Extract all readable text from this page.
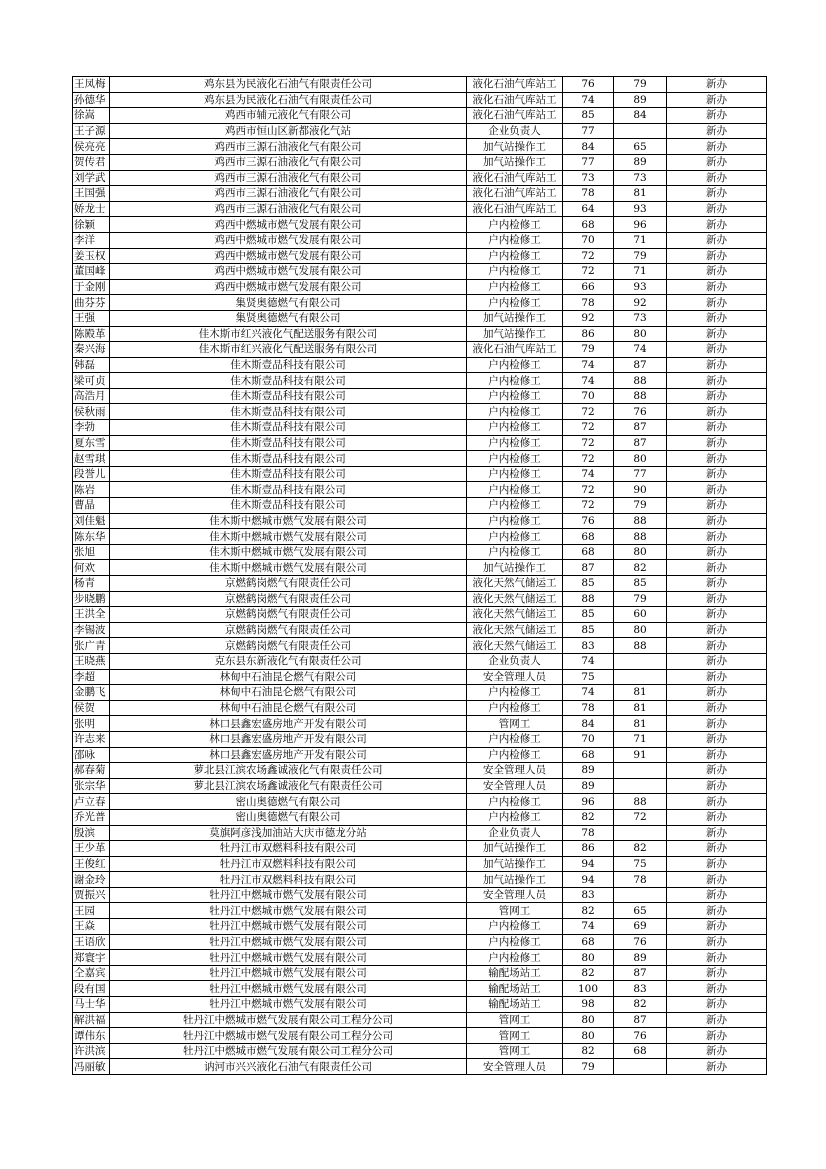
王凤梅	鸡东县为民液化石油气有限责任公司	液化石油气库站工	76	79	新办
孙德华	鸡东县为民液化石油气有限责任公司	液化石油气库站工	74	89	新办
徐嵩	鸡西市辅元液化气有限公司	液化石油气库站工	85	84	新办
王子源	鸡西市恒山区新都液化气站	企业负责人	77		新办
侯亮亮	鸡西市三源石油液化气有限公司	加气站操作工	84	65	新办
贺传君	鸡西市三源石油液化气有限公司	加气站操作工	77	89	新办
刘学武	鸡西市三源石油液化气有限公司	液化石油气库站工	73	73	新办
王国强	鸡西市三源石油液化气有限公司	液化石油气库站工	78	81	新办
娇龙士	鸡西市三源石油液化气有限公司	液化石油气库站工	64	93	新办
徐颖	鸡西中燃城市燃气发展有限公司	户内检修工	68	96	新办
李洋	鸡西中燃城市燃气发展有限公司	户内检修工	70	71	新办
姜玉权	鸡西中燃城市燃气发展有限公司	户内检修工	72	79	新办
董国峰	鸡西中燃城市燃气发展有限公司	户内检修工	72	71	新办
于金刚	鸡西中燃城市燃气发展有限公司	户内检修工	66	93	新办
曲芬芬	集贤奥德燃气有限公司	户内检修工	78	92	新办
王强	集贤奥德燃气有限公司	加气站操作工	92	73	新办
陈殿革	佳木斯市红兴液化气配送服务有限公司	加气站操作工	86	80	新办
秦兴海	佳木斯市红兴液化气配送服务有限公司	液化石油气库站工	79	74	新办
韩磊	佳木斯壹品科技有限公司	户内检修工	74	87	新办
梁可贞	佳木斯壹品科技有限公司	户内检修工	74	88	新办
高浩月	佳木斯壹品科技有限公司	户内检修工	70	88	新办
侯秋雨	佳木斯壹品科技有限公司	户内检修工	72	76	新办
李勃	佳木斯壹品科技有限公司	户内检修工	72	87	新办
夏东雪	佳木斯壹品科技有限公司	户内检修工	72	87	新办
赵雪琪	佳木斯壹品科技有限公司	户内检修工	72	80	新办
段誉儿	佳木斯壹品科技有限公司	户内检修工	74	77	新办
陈岩	佳木斯壹品科技有限公司	户内检修工	72	90	新办
曹晶	佳木斯壹品科技有限公司	户内检修工	72	79	新办
刘佳魁	佳木斯中燃城市燃气发展有限公司	户内检修工	76	88	新办
陈东华	佳木斯中燃城市燃气发展有限公司	户内检修工	68	88	新办
张旭	佳木斯中燃城市燃气发展有限公司	户内检修工	68	80	新办
何欢	佳木斯中燃城市燃气发展有限公司	加气站操作工	87	82	新办
杨青	京燃鹤岗燃气有限责任公司	液化天然气储运工	85	85	新办
步晓鹏	京燃鹤岗燃气有限责任公司	液化天然气储运工	88	79	新办
王洪全	京燃鹤岗燃气有限责任公司	液化天然气储运工	85	60	新办
李锡波	京燃鹤岗燃气有限责任公司	液化天然气储运工	85	80	新办
张广青	京燃鹤岗燃气有限责任公司	液化天然气储运工	83	88	新办
王晓燕	克东县东新液化气有限责任公司	企业负责人	74		新办
李超	林甸中石油昆仑燃气有限公司	安全管理人员	75		新办
金鹏飞	林甸中石油昆仑燃气有限公司	户内检修工	74	81	新办
侯贺	林甸中石油昆仑燃气有限公司	户内检修工	78	81	新办
张明	林口县鑫宏盛房地产开发有限公司	管网工	84	81	新办
许志来	林口县鑫宏盛房地产开发有限公司	户内检修工	70	71	新办
邵咏	林口县鑫宏盛房地产开发有限公司	户内检修工	68	91	新办
郝春菊	萝北县江滨农场鑫诚液化气有限责任公司	安全管理人员	89		新办
张宗华	萝北县江滨农场鑫诚液化气有限责任公司	安全管理人员	89		新办
卢立春	密山奥德燃气有限公司	户内检修工	96	88	新办
乔光普	密山奥德燃气有限公司	户内检修工	82	72	新办
殷滨	莫旗阿彦浅加油站大庆市德龙分站	企业负责人	78		新办
王少革	牡丹江市双燃料科技有限公司	加气站操作工	86	82	新办
王俊红	牡丹江市双燃料科技有限公司	加气站操作工	94	75	新办
谢金玲	牡丹江市双燃料科技有限公司	加气站操作工	94	78	新办
贾振兴	牡丹江中燃城市燃气发展有限公司	安全管理人员	83		新办
王园	牡丹江中燃城市燃气发展有限公司	管网工	82	65	新办
王焱	牡丹江中燃城市燃气发展有限公司	户内检修工	74	69	新办
王语欣	牡丹江中燃城市燃气发展有限公司	户内检修工	68	76	新办
郑寰宇	牡丹江中燃城市燃气发展有限公司	户内检修工	80	89	新办
仝嘉宾	牡丹江中燃城市燃气发展有限公司	输配场站工	82	87	新办
段有国	牡丹江中燃城市燃气发展有限公司	输配场站工	100	83	新办
马士华	牡丹江中燃城市燃气发展有限公司	输配场站工	98	82	新办
解洪福	牡丹江中燃城市燃气发展有限公司工程分公司	管网工	80	87	新办
谭伟东	牡丹江中燃城市燃气发展有限公司工程分公司	管网工	80	76	新办
许洪滨	牡丹江中燃城市燃气发展有限公司工程分公司	管网工	82	68	新办
冯丽敏	讷河市兴兴液化石油气有限责任公司	安全管理人员	79		新办
